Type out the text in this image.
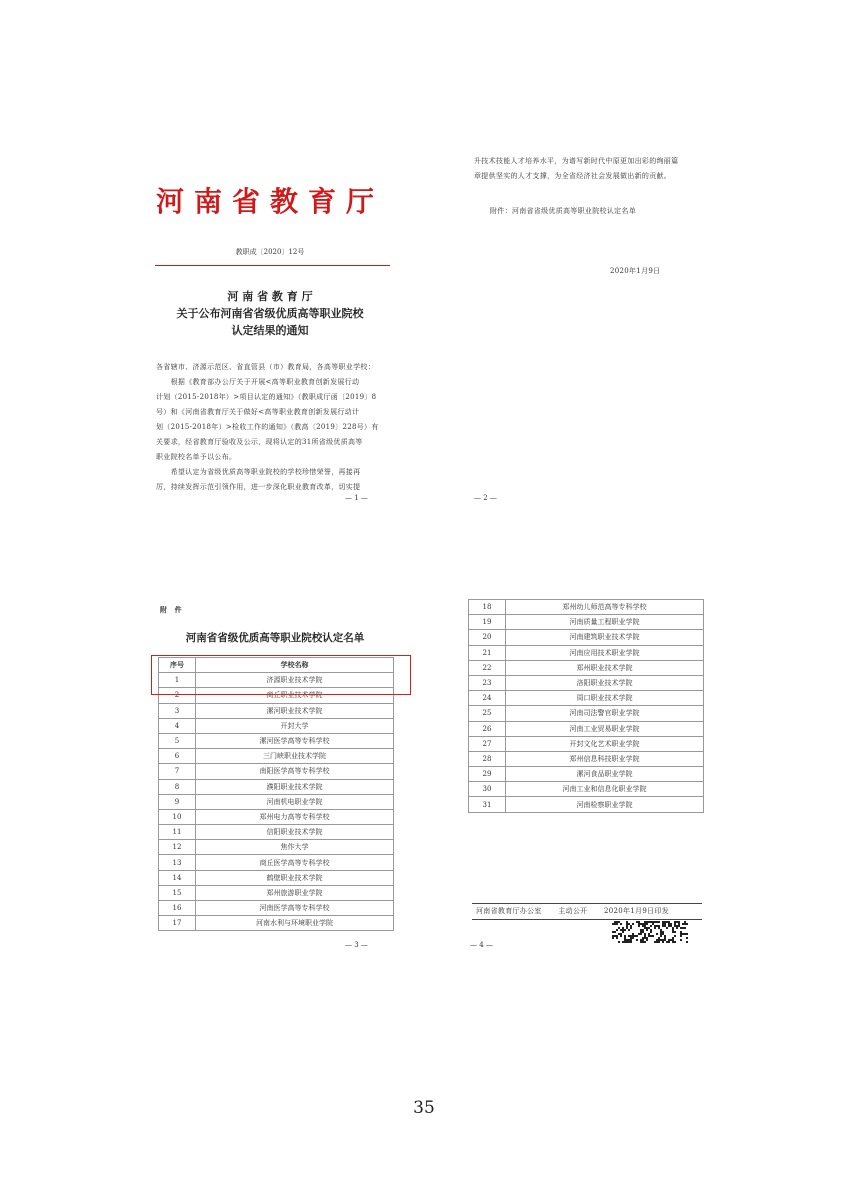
河南省教育厅
教职成〔2020〕12号
河 南 省 教 育 厅
关于公布河南省省级优质高等职业院校
认定结果的通知

各省辖市、济源示范区、省直管县（市）教育局，各高等职业学校：

　　根据《教育部办公厅关于开展<高等职业教育创新发展行动

计划（2015-2018年）>项目认定的通知》（教职成厅函〔2019〕8

号）和《河南省教育厅关于做好<高等职业教育创新发展行动计

划（2015-2018年）>检收工作的通知》（教高〔2019〕228号）有

关要求，经省教育厅验收及公示，现将认定的31所省级优质高等

职业院校名单予以公布。

　　希望认定为省级优质高等职业院校的学校珍惜荣誉，再接再

厉，持续发挥示范引领作用，进一步深化职业教育改革，切实提

— 1 —
升技术技能人才培养水平，为谱写新时代中原更加出彩的绚丽篇
章提供坚实的人才支撑，为全省经济社会发展做出新的贡献。
附件：河南省省级优质高等职业院校认定名单
2020年1月9日
— 2 —
附　件
河南省省级优质高等职业院校认定名单
序号	学校名称
1	济源职业技术学院
2	商丘职业技术学院
3	漯河职业技术学院
4	开封大学
5	漯河医学高等专科学校
6	三门峡职业技术学院
7	南阳医学高等专科学校
8	濮阳职业技术学院
9	河南机电职业学院
10	郑州电力高等专科学校
11	信阳职业技术学院
12	焦作大学
13	商丘医学高等专科学校
14	鹤壁职业技术学院
15	郑州旅游职业学院
16	河南医学高等专科学校
17	河南水利与环境职业学院
— 3 —
18	郑州幼儿师范高等专科学校
19	河南质量工程职业学院
20	河南建筑职业技术学院
21	河南应用技术职业学院
22	郑州职业技术学院
23	洛阳职业技术学院
24	周口职业技术学院
25	河南司法警官职业学院
26	河南工业贸易职业学院
27	开封文化艺术职业学院
28	郑州信息科技职业学院
29	漯河食品职业学院
30	河南工业和信息化职业学院
31	河南检察职业学院
河南省教育厅办公室 主动公开 2020年1月9日印发
— 4 —
35
